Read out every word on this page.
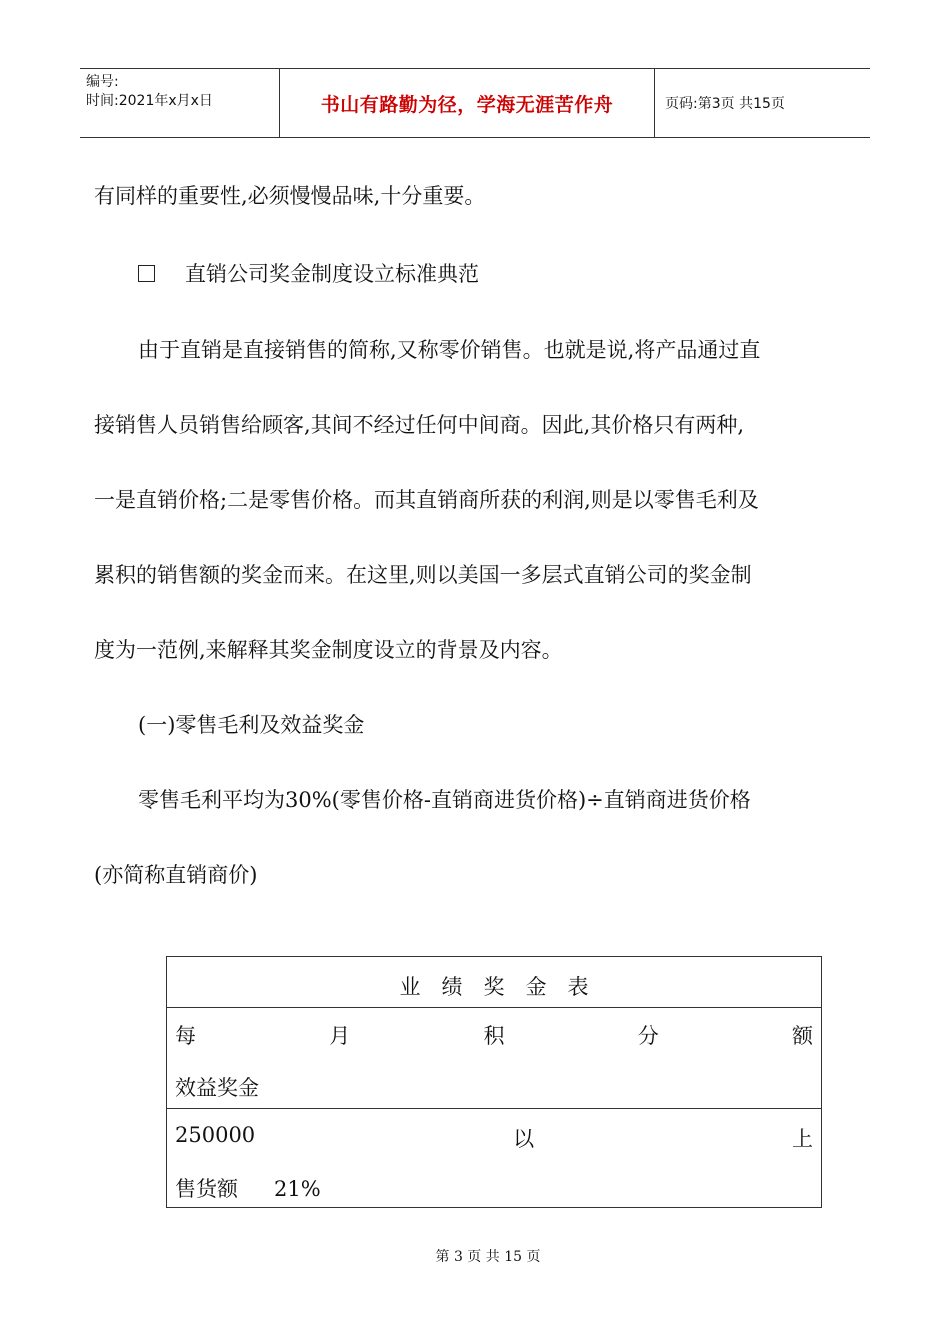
编号:
时间:2021年x月x日	书山有路勤为径，学海无涯苦作舟	页码:第3页 共15页
有同样的重要性,必须慢慢品味,十分重要。
直销公司奖金制度设立标准典范
由于直销是直接销售的简称,又称零价销售。也就是说,将产品通过直
接销售人员销售给顾客,其间不经过任何中间商。因此,其价格只有两种,
一是直销价格;二是零售价格。而其直销商所获的利润,则是以零售毛利及
累积的销售额的奖金而来。在这里,则以美国一多层式直销公司的奖金制
度为一范例,来解释其奖金制度设立的背景及内容。
(一)零售毛利及效益奖金
零售毛利平均为30%(零售价格-直销商进货价格)÷直销商进货价格
(亦简称直销商价)
业　绩　奖　金　表
每	月	积	分	额
效益奖金
250000	以	上
售货额 21%
第 3 页 共 15 页
